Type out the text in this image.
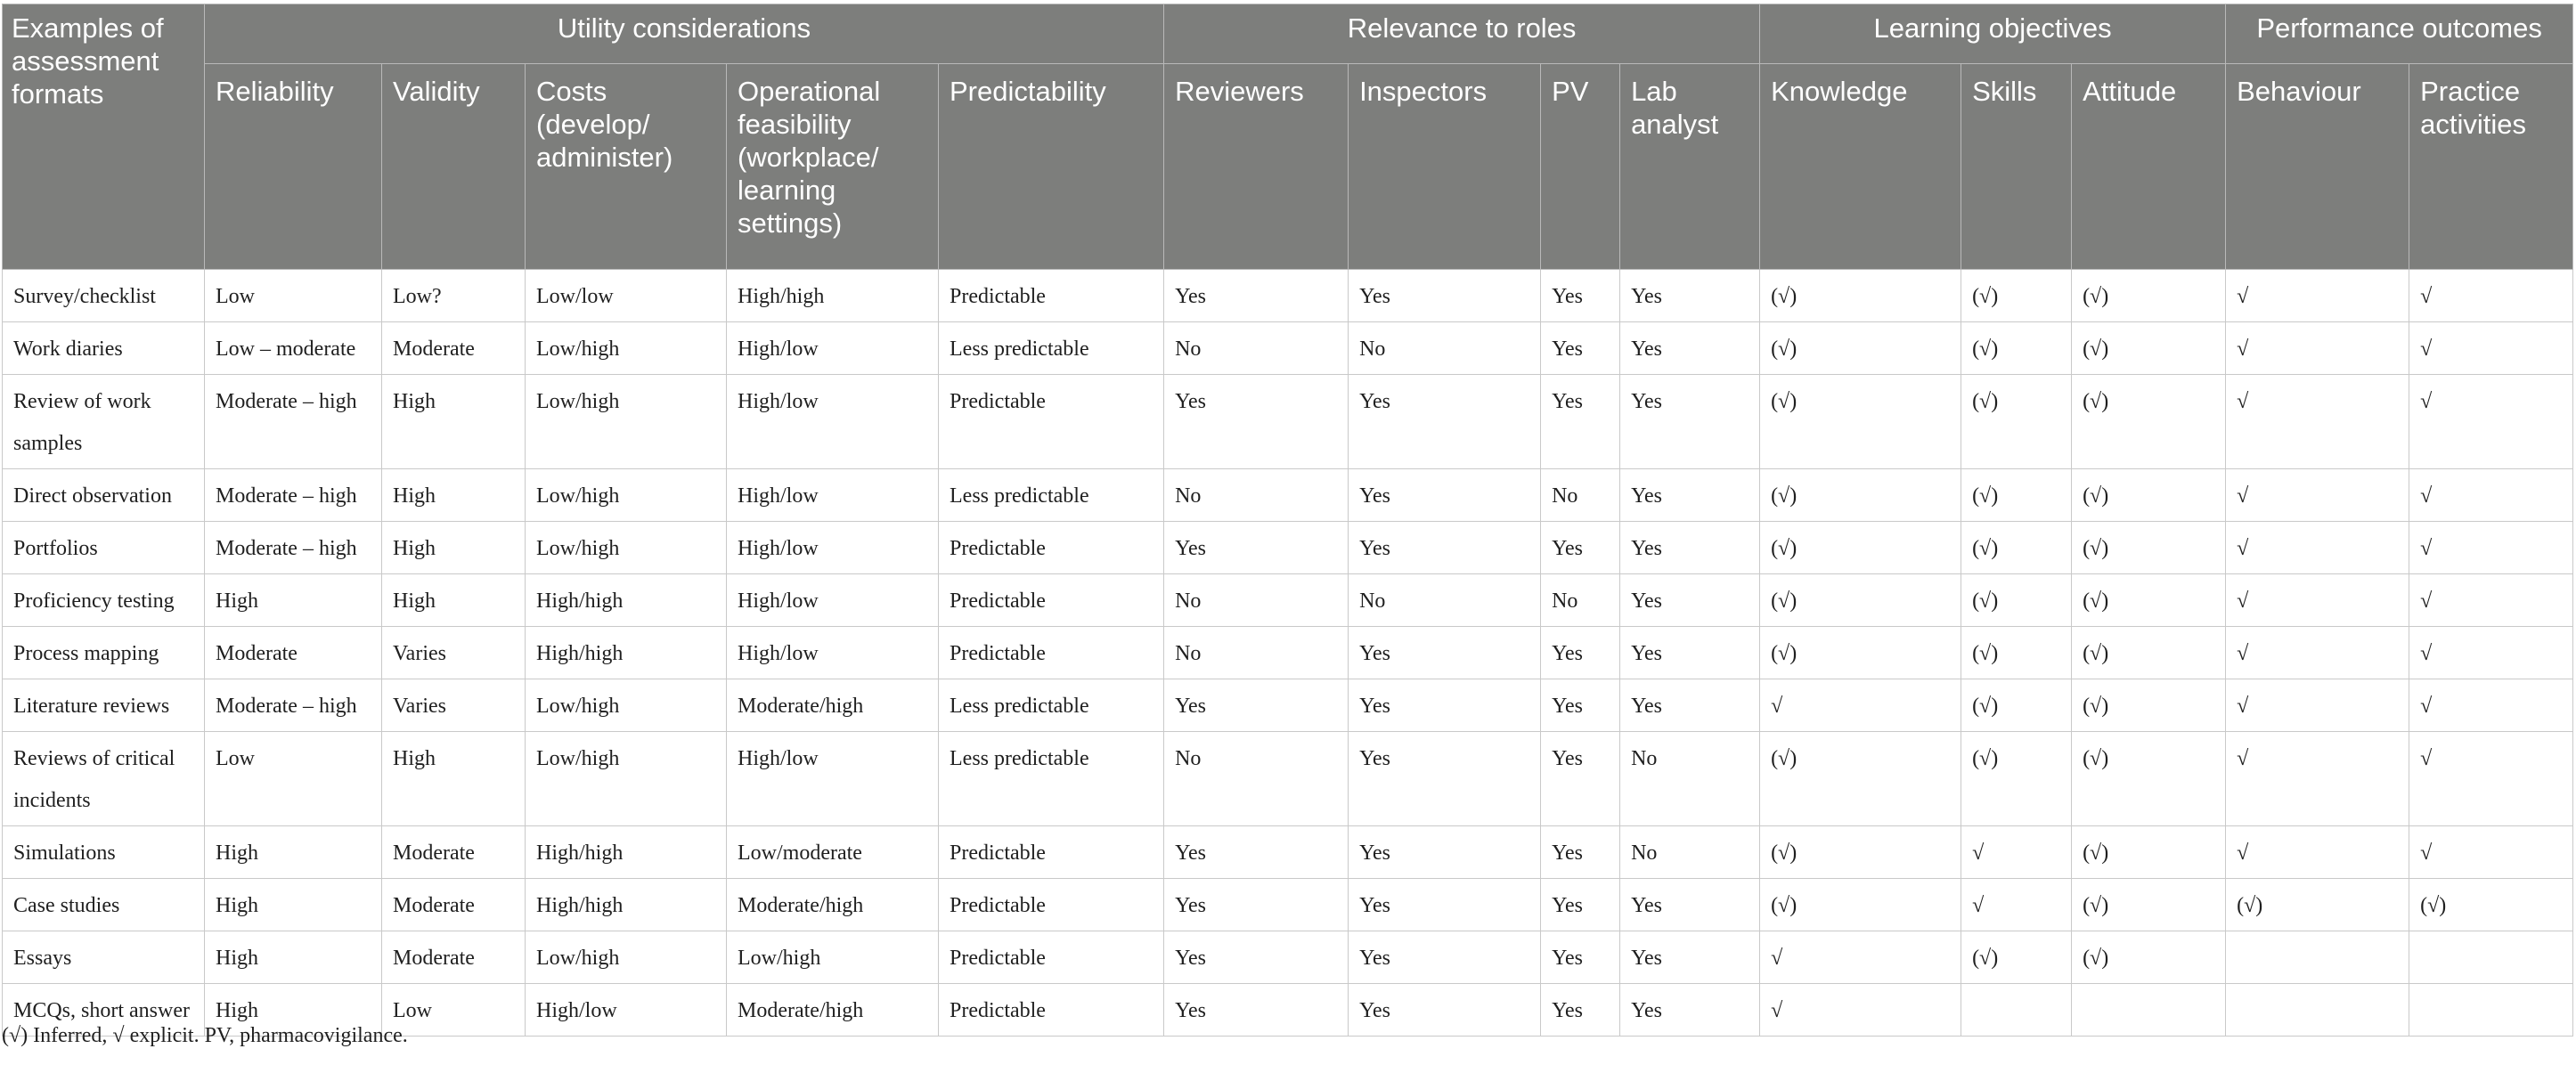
Examples of assessment formats	Utility considerations					Relevance to roles				Learning objectives			Performance outcomes	
	Reliability	Validity	Costs (develop/ administer)	Operational feasibility (workplace/ learning settings)	Predictability	Reviewers	Inspectors	PV	Lab analyst	Knowledge	Skills	Attitude	Behaviour	Practice activities
Survey/checklist	Low	Low?	Low/low	High/high	Predictable	Yes	Yes	Yes	Yes	(√)	(√)	(√)	√	√
Work diaries	Low – moderate	Moderate	Low/high	High/low	Less predictable	No	No	Yes	Yes	(√)	(√)	(√)	√	√
Review of work samples	Moderate – high	High	Low/high	High/low	Predictable	Yes	Yes	Yes	Yes	(√)	(√)	(√)	√	√
Direct observation	Moderate – high	High	Low/high	High/low	Less predictable	No	Yes	No	Yes	(√)	(√)	(√)	√	√
Portfolios	Moderate – high	High	Low/high	High/low	Predictable	Yes	Yes	Yes	Yes	(√)	(√)	(√)	√	√
Proficiency testing	High	High	High/high	High/low	Predictable	No	No	No	Yes	(√)	(√)	(√)	√	√
Process mapping	Moderate	Varies	High/high	High/low	Predictable	No	Yes	Yes	Yes	(√)	(√)	(√)	√	√
Literature reviews	Moderate – high	Varies	Low/high	Moderate/high	Less predictable	Yes	Yes	Yes	Yes	√	(√)	(√)	√	√
Reviews of critical incidents	Low	High	Low/high	High/low	Less predictable	No	Yes	Yes	No	(√)	(√)	(√)	√	√
Simulations	High	Moderate	High/high	Low/moderate	Predictable	Yes	Yes	Yes	No	(√)	√	(√)	√	√
Case studies	High	Moderate	High/high	Moderate/high	Predictable	Yes	Yes	Yes	Yes	(√)	√	(√)	(√)	(√)
Essays	High	Moderate	Low/high	Low/high	Predictable	Yes	Yes	Yes	Yes	√	(√)	(√)		
MCQs, short answer	High	Low	High/low	Moderate/high	Predictable	Yes	Yes	Yes	Yes	√				
(√) Inferred, √ explicit. PV, pharmacovigilance.
